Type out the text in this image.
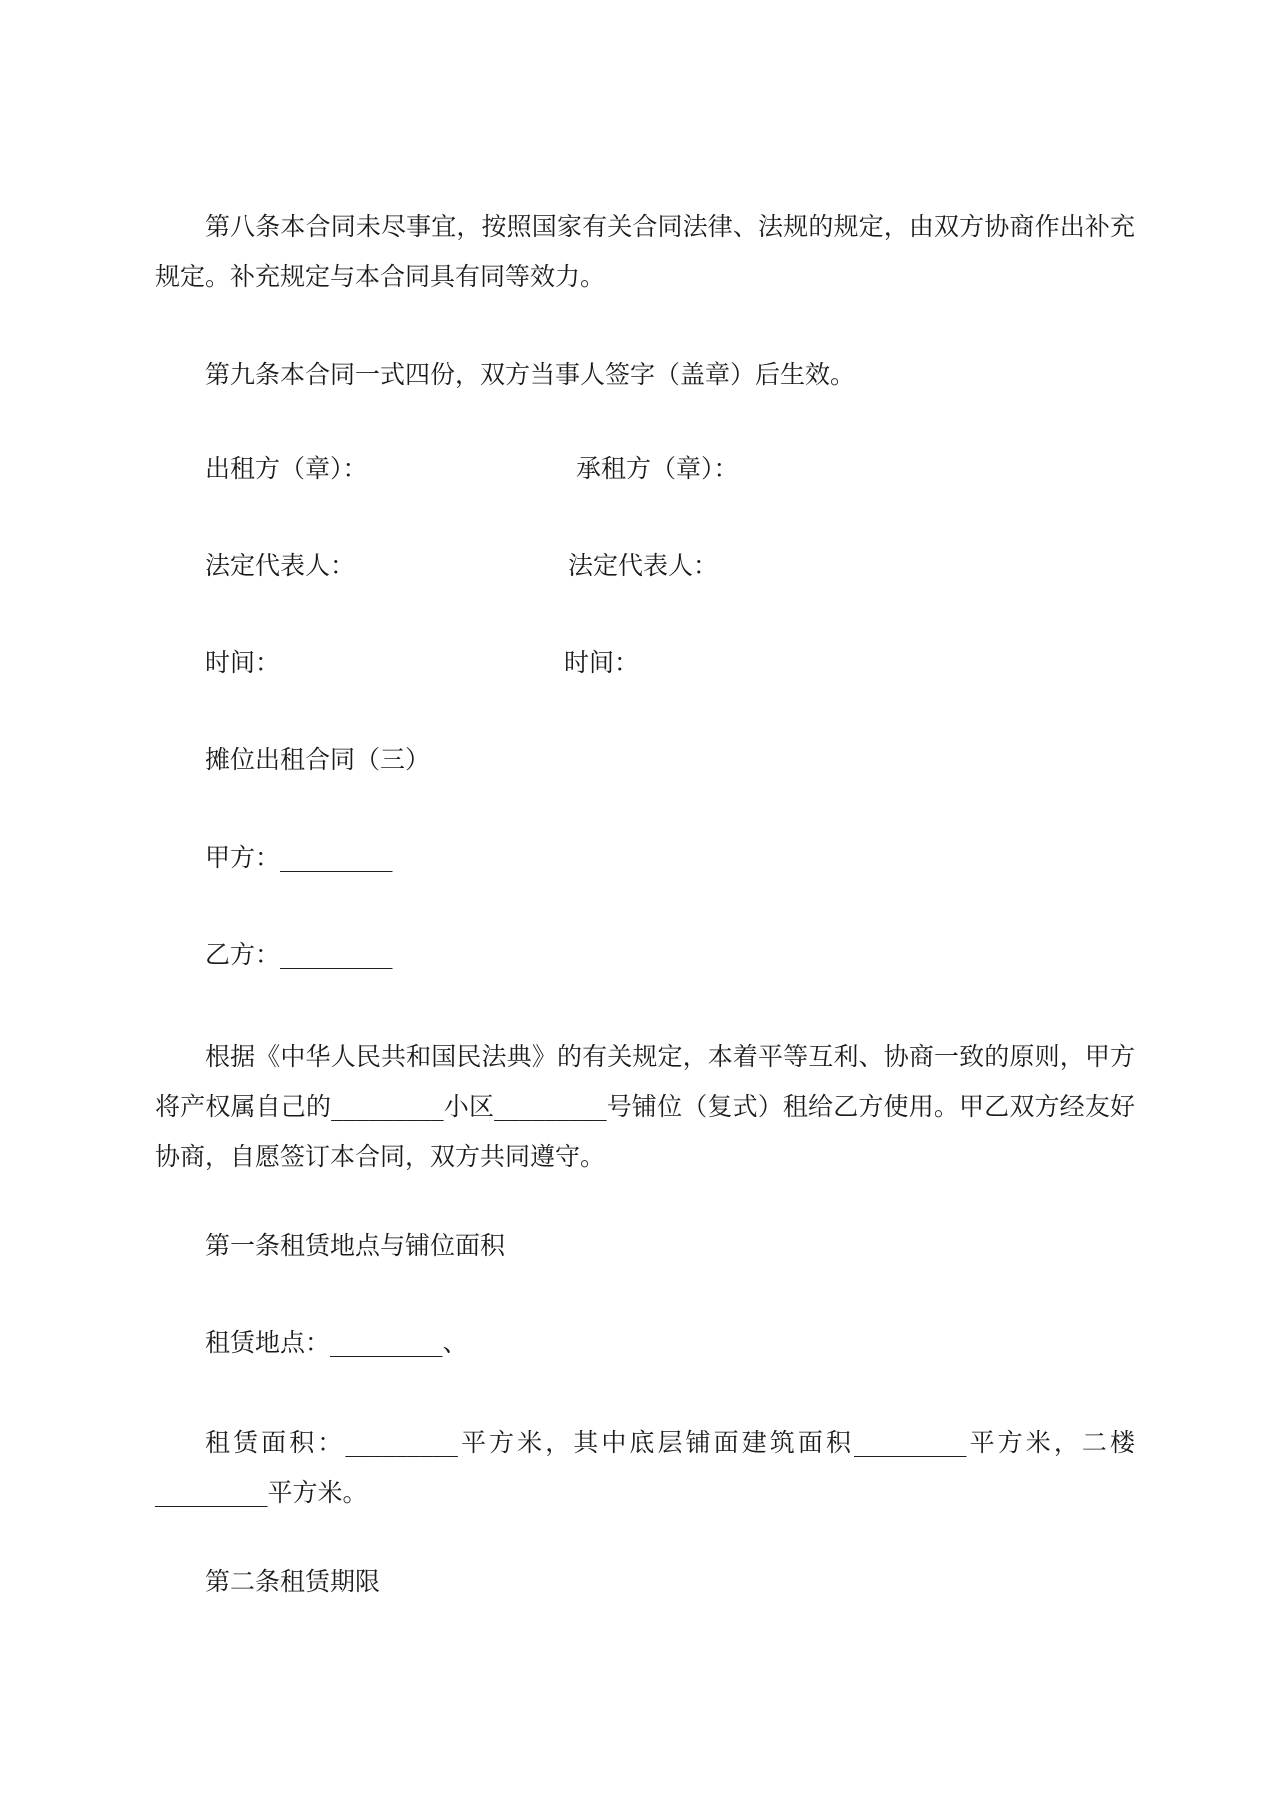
第八条本合同未尽事宜，按照国家有关合同法律、法规的规定，由双方协商作出补充规定。补充规定与本合同具有同等效力。

第九条本合同一式四份，双方当事人签字（盖章）后生效。

出租方（章）：	承租方（章）：

法定代表人：	法定代表人：

时间：	时间：

摊位出租合同（三）

甲方：_________

乙方：_________

根据《中华人民共和国民法典》的有关规定，本着平等互利、协商一致的原则，甲方将产权属自己的_________小区_________号铺位（复式）租给乙方使用。甲乙双方经友好协商，自愿签订本合同，双方共同遵守。

第一条租赁地点与铺位面积

租赁地点：_________、

租赁面积：_________平方米，其中底层铺面建筑面积_________平方米，二楼_________平方米。

第二条租赁期限
